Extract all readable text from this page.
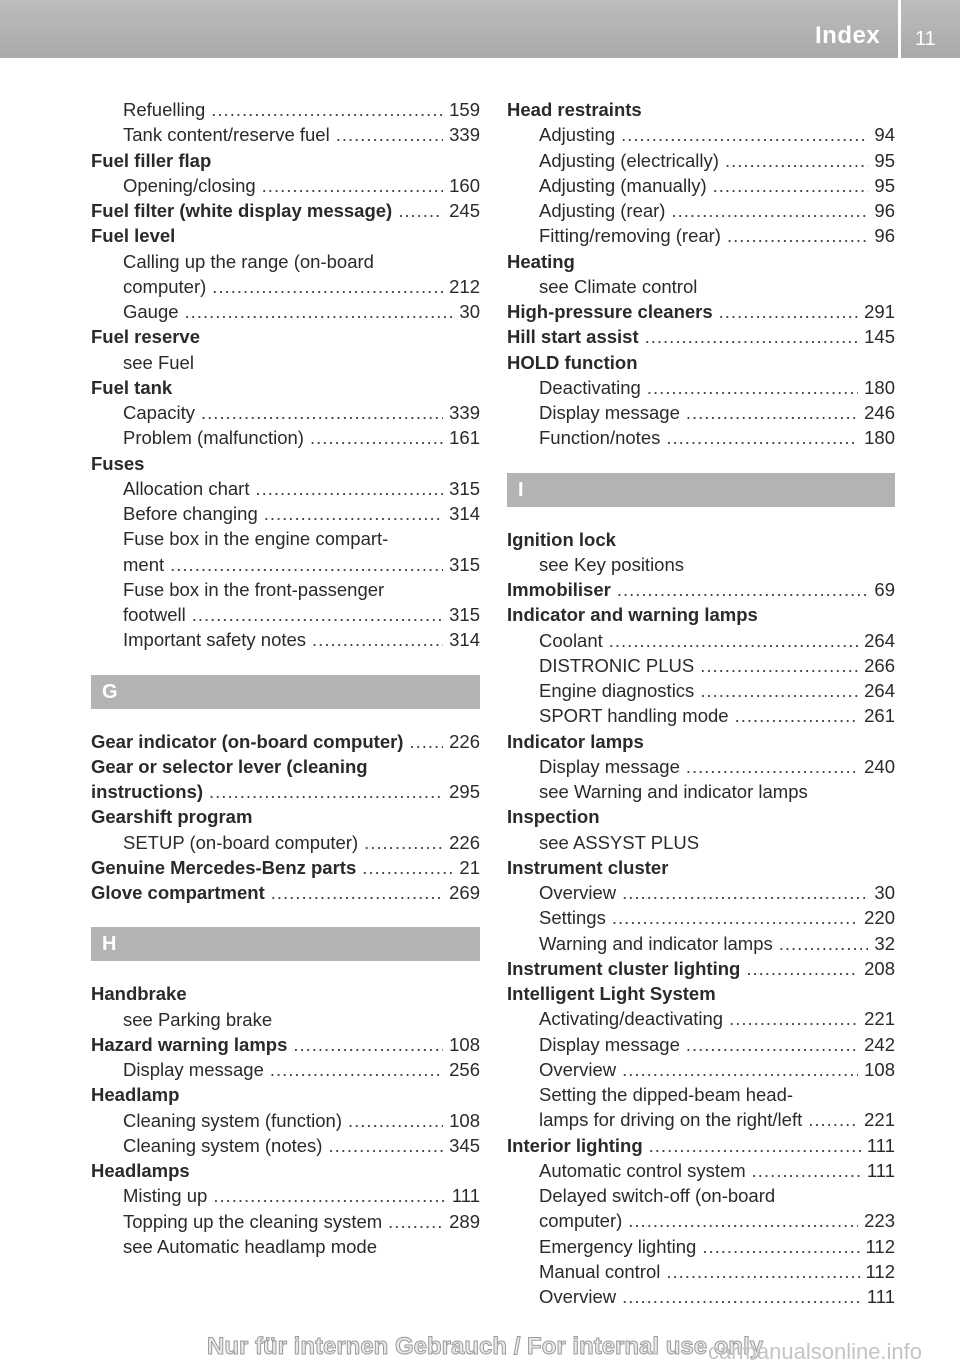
Index 11
Refuelling .....	159
Tank content/reserve fuel .....	339
Fuel filler flap
Opening/closing .....	160
Fuel filter (white display message) .....	245
Fuel level
Calling up the range (on-board
computer) .....	212
Gauge .....	30
Fuel reserve
see Fuel
Fuel tank
Capacity .....	339
Problem (malfunction) .....	161
Fuses
Allocation chart .....	315
Before changing .....	314
Fuse box in the engine compart-
ment .....	315
Fuse box in the front-passenger
footwell .....	315
Important safety notes .....	314
G
Gear indicator (on-board computer) ..... 226
Gear or selector lever (cleaning
instructions) .....	295
Gearshift program
SETUP (on-board computer) .....	226
Genuine Mercedes-Benz parts .....	21
Glove compartment .....	269
H
Handbrake
see Parking brake
Hazard warning lamps .....	108
Display message .....	256
Headlamp
Cleaning system (function) .....	108
Cleaning system (notes) .....	345
Headlamps
Misting up .....	111
Topping up the cleaning system .....	289
see Automatic headlamp mode
Head restraints
Adjusting .....	94
Adjusting (electrically) .....	95
Adjusting (manually) .....	95
Adjusting (rear) .....	96
Fitting/removing (rear) .....	96
Heating
see Climate control
High-pressure cleaners .....	291
Hill start assist .....	145
HOLD function
Deactivating .....	180
Display message .....	246
Function/notes .....	180
I
Ignition lock
see Key positions
Immobiliser .....	69
Indicator and warning lamps
Coolant .....	264
DISTRONIC PLUS .....	266
Engine diagnostics .....	264
SPORT handling mode .....	261
Indicator lamps
Display message .....	240
see Warning and indicator lamps
Inspection
see ASSYST PLUS
Instrument cluster
Overview .....	30
Settings .....	220
Warning and indicator lamps .....	32
Instrument cluster lighting .....	208
Intelligent Light System
Activating/deactivating .....	221
Display message .....	242
Overview .....	108
Setting the dipped-beam head-
lamps for driving on the right/left .....	221
Interior lighting .....	111
Automatic control system .....	111
Delayed switch-off (on-board
computer) .....	223
Emergency lighting .....	112
Manual control .....	112
Overview .....	111
Nur für internen Gebrauch / For internal use only
carmanualsonline.info
